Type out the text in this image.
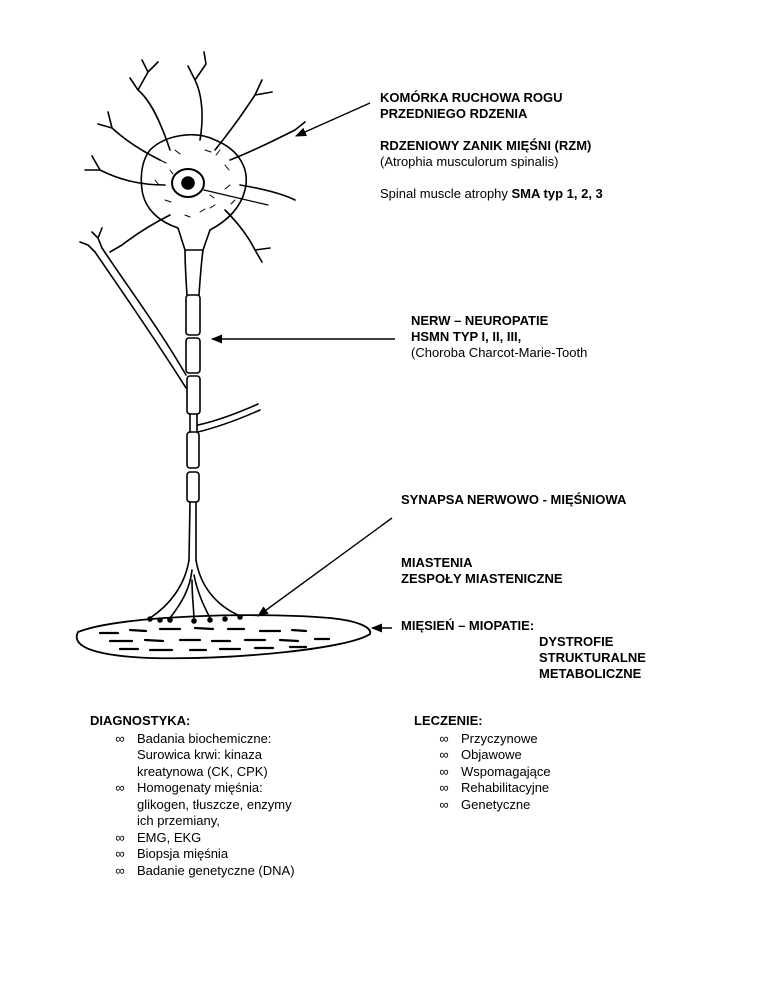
KOMÓRKA RUCHOWA ROGU
PRZEDNIEGO RDZENIA
RDZENIOWY ZANIK MIĘŚNI (RZM)
(Atrophia musculorum spinalis)
Spinal muscle atrophy SMA typ 1, 2, 3
NERW – NEUROPATIE
HSMN TYP I, II, III,
(Choroba Charcot-Marie-Tooth
SYNAPSA NERWOWO - MIĘŚNIOWA
MIASTENIA
ZESPOŁY MIASTENICZNE
MIĘSIEŃ – MIOPATIE:
DYSTROFIE
STRUKTURALNE
METABOLICZNE
DIAGNOSTYKA:
∞ Badania biochemiczne:
Surowica krwi: kinaza
kreatynowa (CK, CPK)
∞ Homogenaty mięśnia:
glikogen, tłuszcze, enzymy
ich przemiany,
∞ EMG, EKG
∞ Biopsja mięśnia
∞ Badanie genetyczne (DNA)
LECZENIE:
∞ Przyczynowe
∞ Objawowe
∞ Wspomagające
∞ Rehabilitacyjne
∞ Genetyczne
